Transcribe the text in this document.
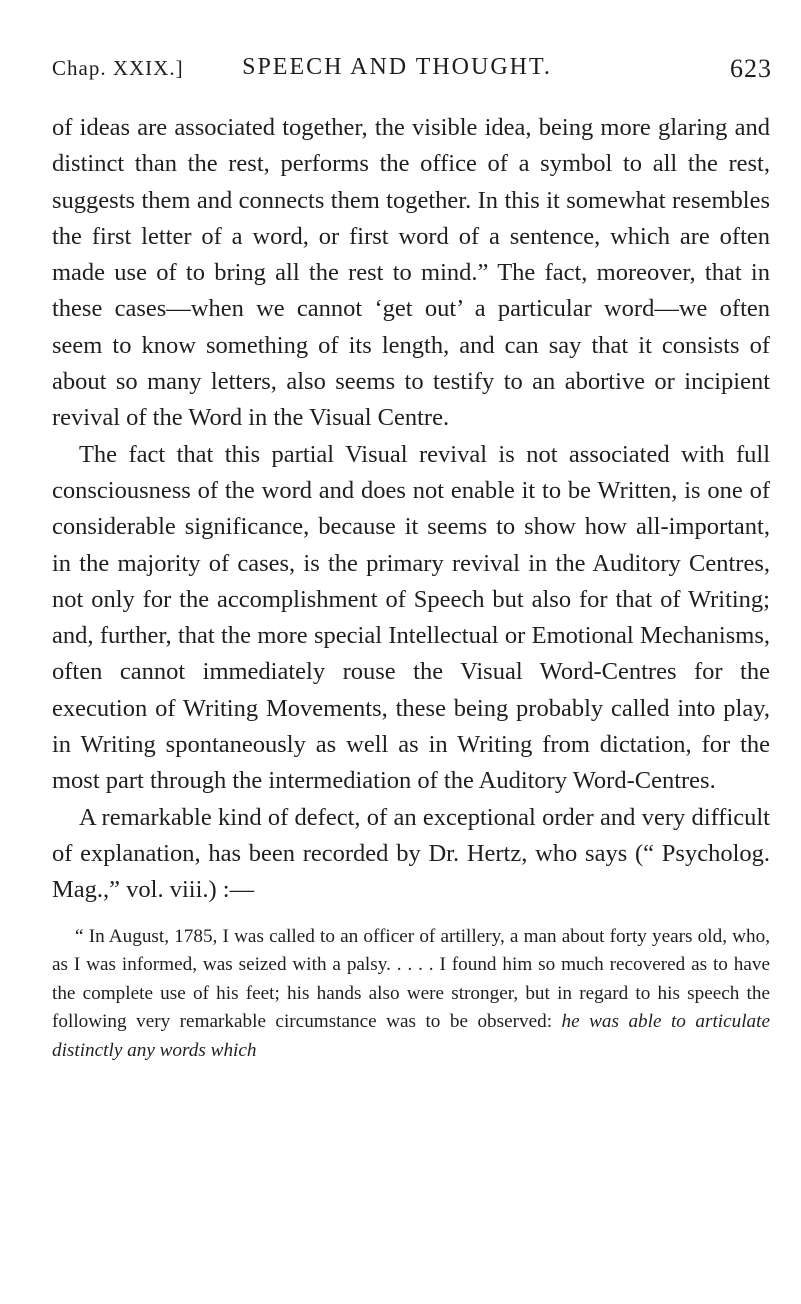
Chap. XXIX.]	SPEECH AND THOUGHT.	623

of ideas are associated together, the visible idea, being more glaring and distinct than the rest, performs the office of a symbol to all the rest, suggests them and connects them together. In this it somewhat resembles the first letter of a word, or first word of a sentence, which are often made use of to bring all the rest to mind.” The fact, moreover, that in these cases—when we cannot ‘get out’ a particular word—we often seem to know something of its length, and can say that it consists of about so many letters, also seems to testify to an abortive or incipient revival of the Word in the Visual Centre.

The fact that this partial Visual revival is not associated with full consciousness of the word and does not enable it to be Written, is one of considerable significance, because it seems to show how all-important, in the majority of cases, is the primary revival in the Auditory Centres, not only for the accomplishment of Speech but also for that of Writing; and, further, that the more special Intellectual or Emotional Mechanisms, often cannot immediately rouse the Visual Word-Centres for the execution of Writing Movements, these being probably called into play, in Writing spontaneously as well as in Writing from dictation, for the most part through the intermediation of the Auditory Word-Centres.

A remarkable kind of defect, of an exceptional order and very difficult of explanation, has been recorded by Dr. Hertz, who says (“ Psycholog. Mag.,” vol. viii.) :—

“ In August, 1785, I was called to an officer of artillery, a man about forty years old, who, as I was informed, was seized with a palsy. . . . . I found him so much recovered as to have the complete use of his feet; his hands also were stronger, but in regard to his speech the following very remarkable circumstance was to be observed: he was able to articulate distinctly any words which
